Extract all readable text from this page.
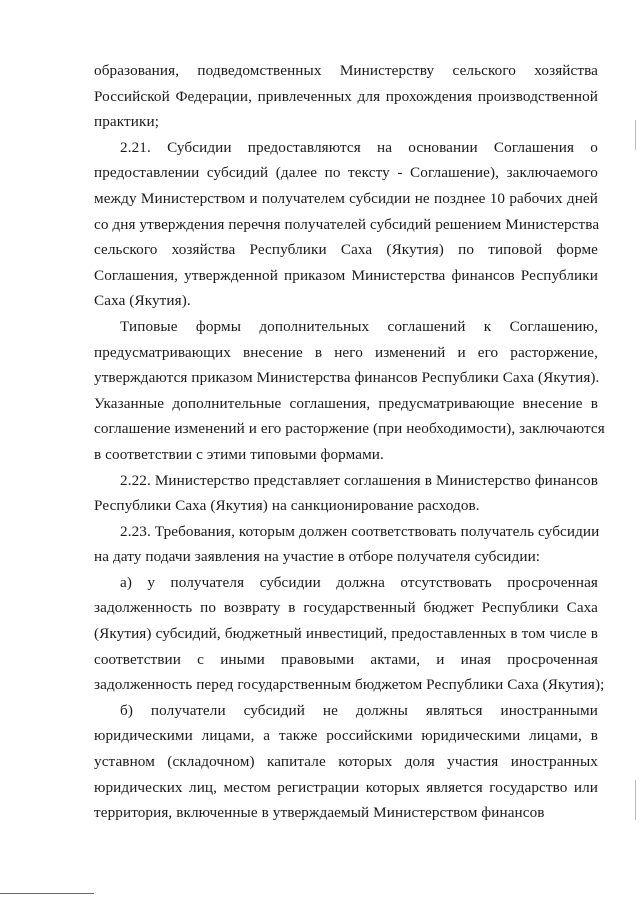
образования, подведомственных Министерству сельского хозяйства
Российской Федерации, привлеченных для прохождения производственной
практики;
2.21. Субсидии предоставляются на основании Соглашения о
предоставлении субсидий (далее по тексту - Соглашение), заключаемого
между Министерством и получателем субсидии не позднее 10 рабочих дней
со дня утверждения перечня получателей субсидий решением Министерства
сельского хозяйства Республики Саха (Якутия) по типовой форме
Соглашения, утвержденной приказом Министерства финансов Республики
Саха (Якутия).
Типовые формы дополнительных соглашений к Соглашению,
предусматривающих внесение в него изменений и его расторжение,
утверждаются приказом Министерства финансов Республики Саха (Якутия).
Указанные дополнительные соглашения, предусматривающие внесение в
соглашение изменений и его расторжение (при необходимости), заключаются
в соответствии с этими типовыми формами.
2.22. Министерство представляет соглашения в Министерство финансов
Республики Саха (Якутия) на санкционирование расходов.
2.23. Требования, которым должен соответствовать получатель субсидии
на дату подачи заявления на участие в отборе получателя субсидии:
а) у получателя субсидии должна отсутствовать просроченная
задолженность по возврату в государственный бюджет Республики Саха
(Якутия) субсидий, бюджетный инвестиций, предоставленных в том числе в
соответствии с иными правовыми актами, и иная просроченная
задолженность перед государственным бюджетом Республики Саха (Якутия);
б) получатели субсидий не должны являться иностранными
юридическими лицами, а также российскими юридическими лицами, в
уставном (складочном) капитале которых доля участия иностранных
юридических лиц, местом регистрации которых является государство или
территория, включенные в утверждаемый Министерством финансов
